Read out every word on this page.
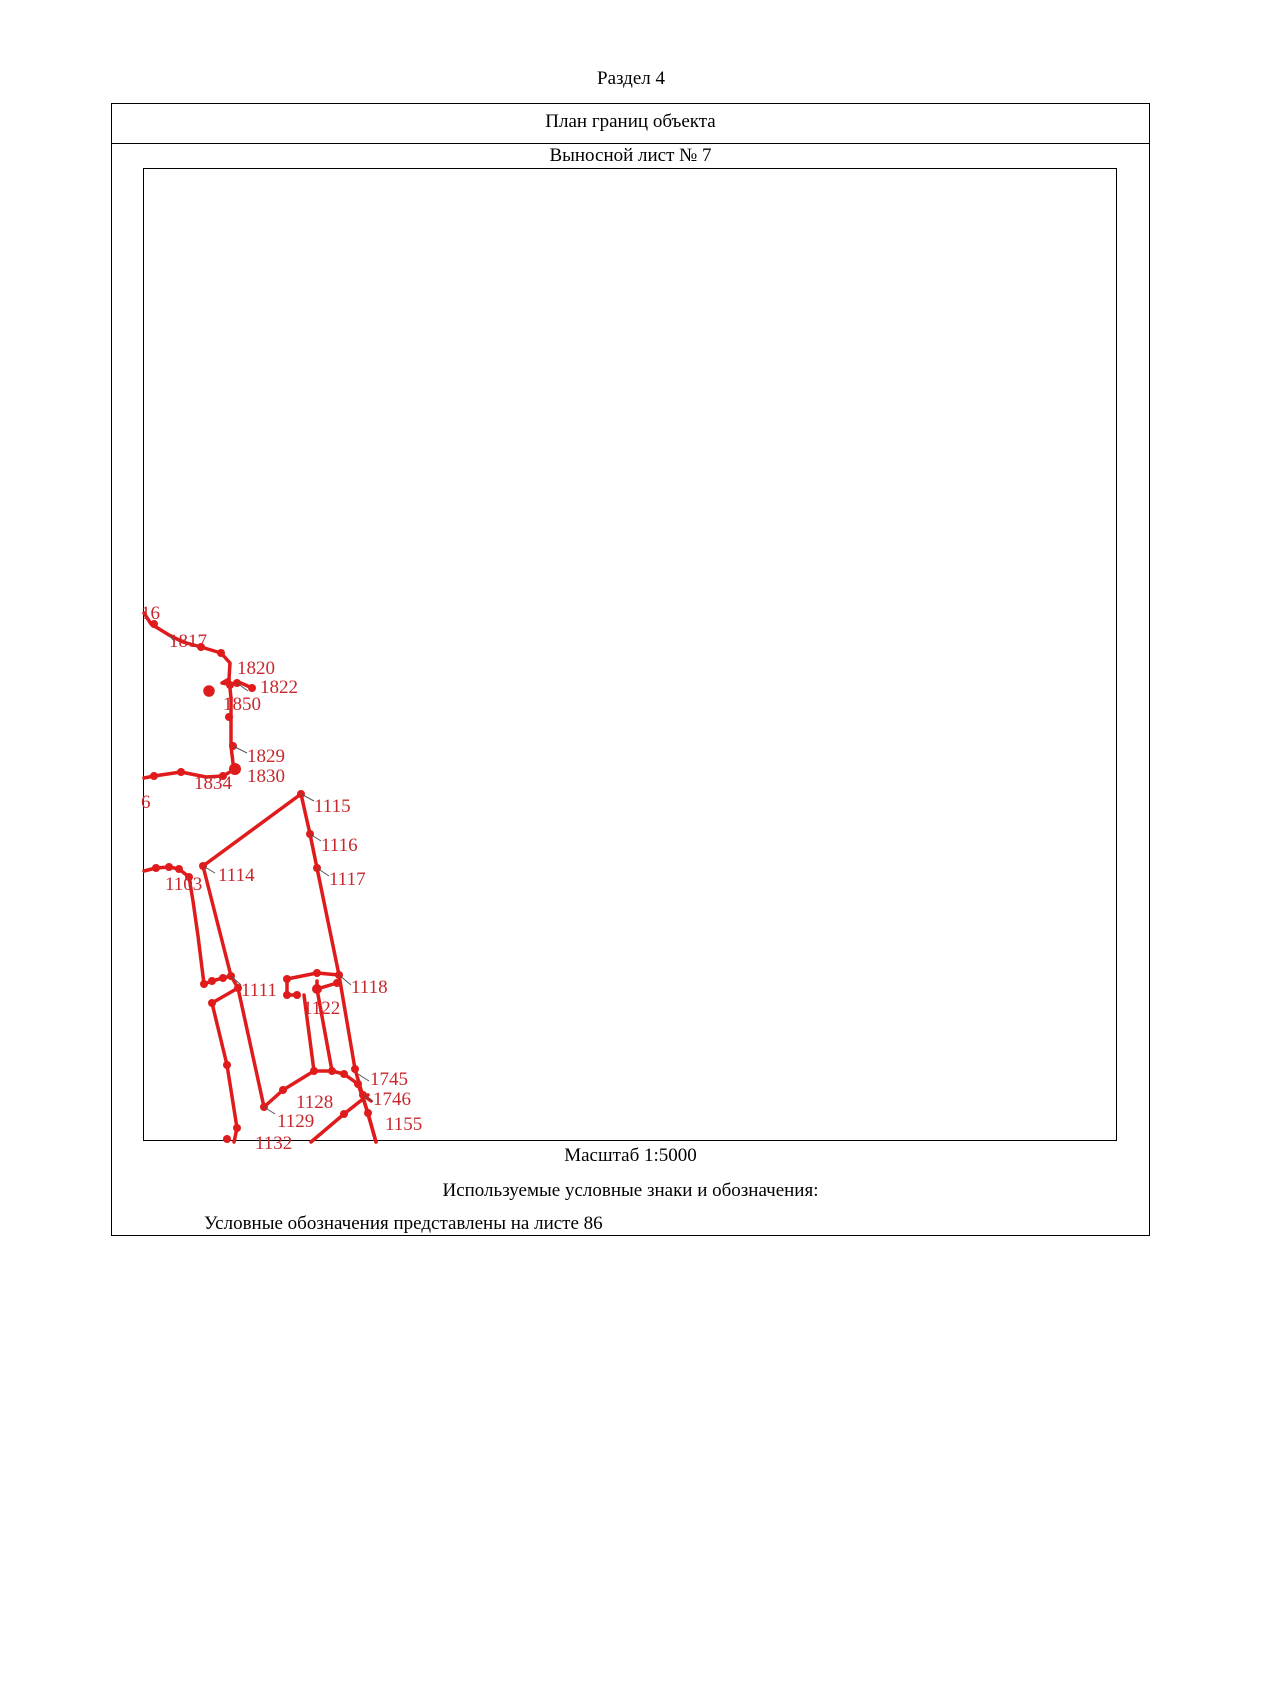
Раздел 4
План границ объекта
Выносной лист № 7
16
1817
1820
1822
1850
1829
1830
1834
6	1115
1116
1114
1103	1117
1111	1118
1122
1745
1128 1746
1129	1155
1132
Масштаб 1:5000
Используемые условные знаки и обозначения:
Условные обозначения представлены на листе 86
